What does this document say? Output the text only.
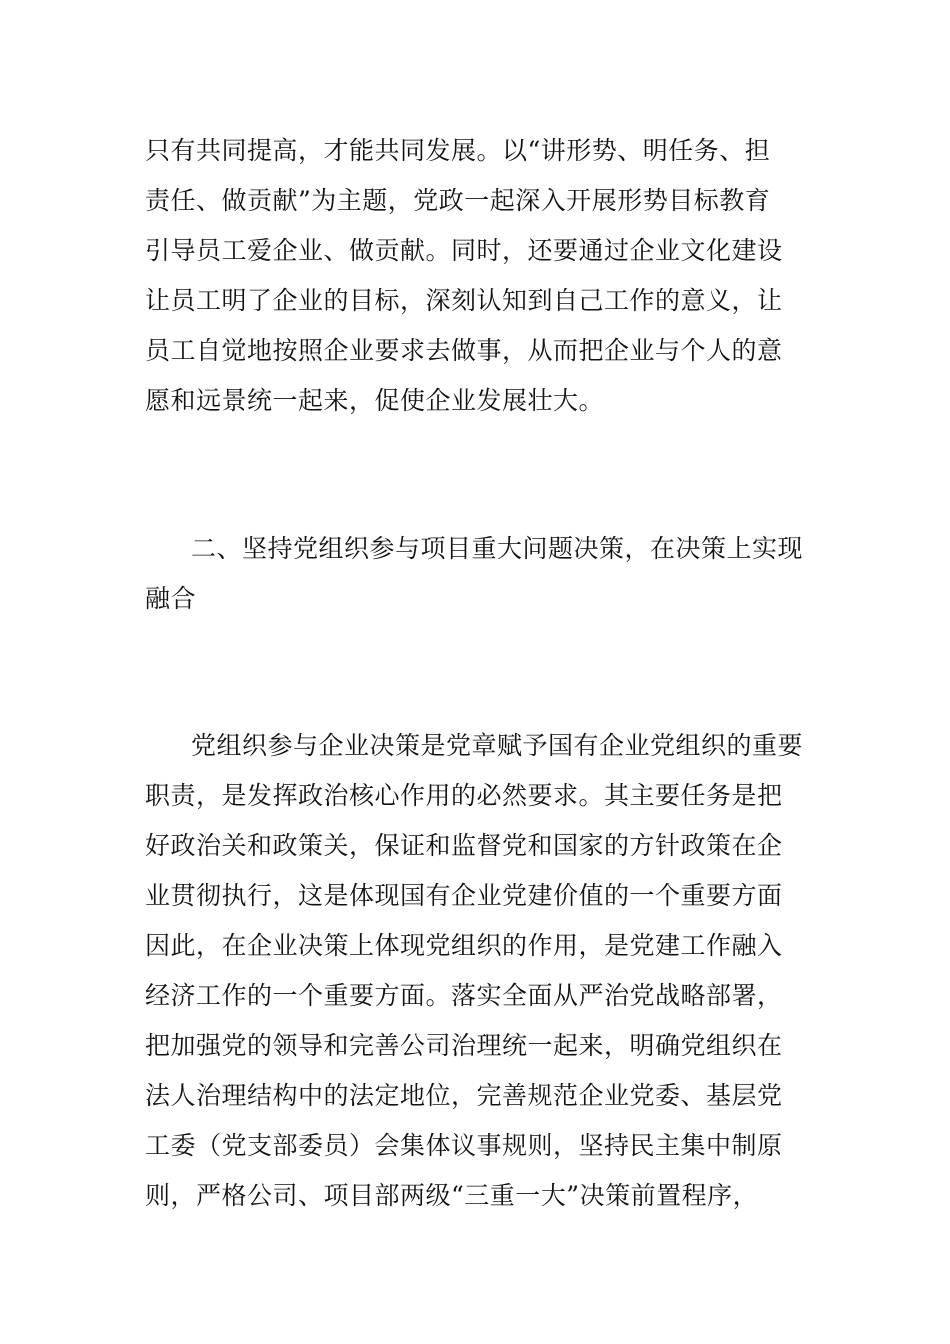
只有共同提高，才能共同发展。以“讲形势、明任务、担
责任、做贡献”为主题，党政一起深入开展形势目标教育
引导员工爱企业、做贡献。同时，还要通过企业文化建设
让员工明了企业的目标，深刻认知到自己工作的意义，让
员工自觉地按照企业要求去做事，从而把企业与个人的意
愿和远景统一起来，促使企业发展壮大。
二、坚持党组织参与项目重大问题决策，在决策上实现
融合
党组织参与企业决策是党章赋予国有企业党组织的重要
职责，是发挥政治核心作用的必然要求。其主要任务是把
好政治关和政策关，保证和监督党和国家的方针政策在企
业贯彻执行，这是体现国有企业党建价值的一个重要方面
因此，在企业决策上体现党组织的作用，是党建工作融入
经济工作的一个重要方面。落实全面从严治党战略部署，
把加强党的领导和完善公司治理统一起来，明确党组织在
法人治理结构中的法定地位，完善规范企业党委、基层党
工委（党支部委员）会集体议事规则，坚持民主集中制原
则，严格公司、项目部两级“三重一大”决策前置程序，
